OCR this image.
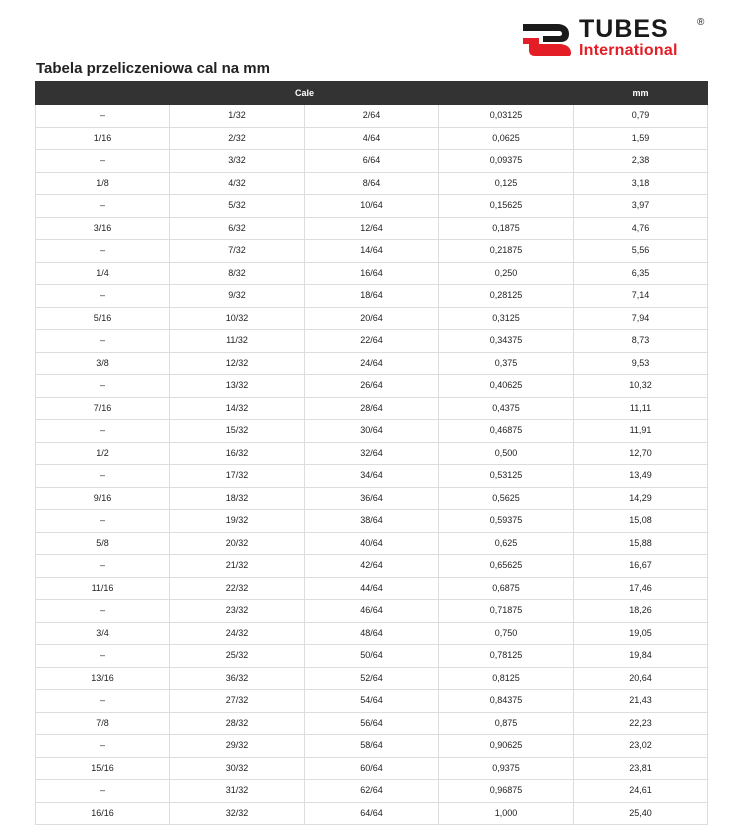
TUBES	®
International
Tabela przeliczeniowa cal na mm
Cale				mm
–	1/32	2/64	0,03125	0,79
1/16	2/32	4/64	0,0625	1,59
–	3/32	6/64	0,09375	2,38
1/8	4/32	8/64	0,125	3,18
–	5/32	10/64	0,15625	3,97
3/16	6/32	12/64	0,1875	4,76
–	7/32	14/64	0,21875	5,56
1/4	8/32	16/64	0,250	6,35
–	9/32	18/64	0,28125	7,14
5/16	10/32	20/64	0,3125	7,94
–	11/32	22/64	0,34375	8,73
3/8	12/32	24/64	0,375	9,53
–	13/32	26/64	0,40625	10,32
7/16	14/32	28/64	0,4375	11,11
–	15/32	30/64	0,46875	11,91
1/2	16/32	32/64	0,500	12,70
–	17/32	34/64	0,53125	13,49
9/16	18/32	36/64	0,5625	14,29
–	19/32	38/64	0,59375	15,08
5/8	20/32	40/64	0,625	15,88
–	21/32	42/64	0,65625	16,67
11/16	22/32	44/64	0,6875	17,46
–	23/32	46/64	0,71875	18,26
3/4	24/32	48/64	0,750	19,05
–	25/32	50/64	0,78125	19,84
13/16	36/32	52/64	0,8125	20,64
–	27/32	54/64	0,84375	21,43
7/8	28/32	56/64	0,875	22,23
–	29/32	58/64	0,90625	23,02
15/16	30/32	60/64	0,9375	23,81
–	31/32	62/64	0,96875	24,61
16/16	32/32	64/64	1,000	25,40
